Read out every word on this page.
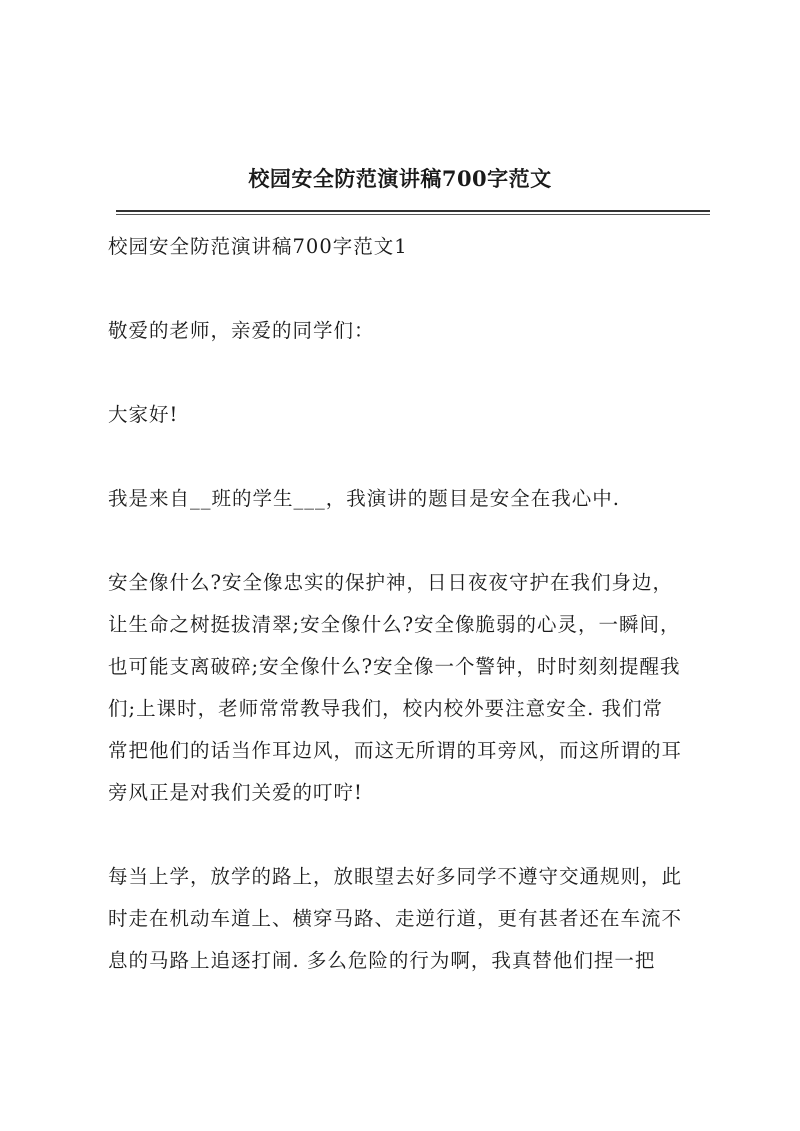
校园安全防范演讲稿700字范文

校园安全防范演讲稿700字范文1

敬爱的老师，亲爱的同学们：

大家好!

我是来自__班的学生___，我演讲的题目是安全在我心中.

安全像什么?安全像忠实的保护神，日日夜夜守护在我们身边，
让生命之树挺拔清翠;安全像什么?安全像脆弱的心灵，一瞬间，
也可能支离破碎;安全像什么?安全像一个警钟，时时刻刻提醒我
们;上课时，老师常常教导我们，校内校外要注意安全. 我们常
常把他们的话当作耳边风，而这无所谓的耳旁风，而这所谓的耳
旁风正是对我们关爱的叮咛!

每当上学，放学的路上，放眼望去好多同学不遵守交通规则，此
时走在机动车道上、横穿马路、走逆行道，更有甚者还在车流不
息的马路上追逐打闹. 多么危险的行为啊，我真替他们捏一把
